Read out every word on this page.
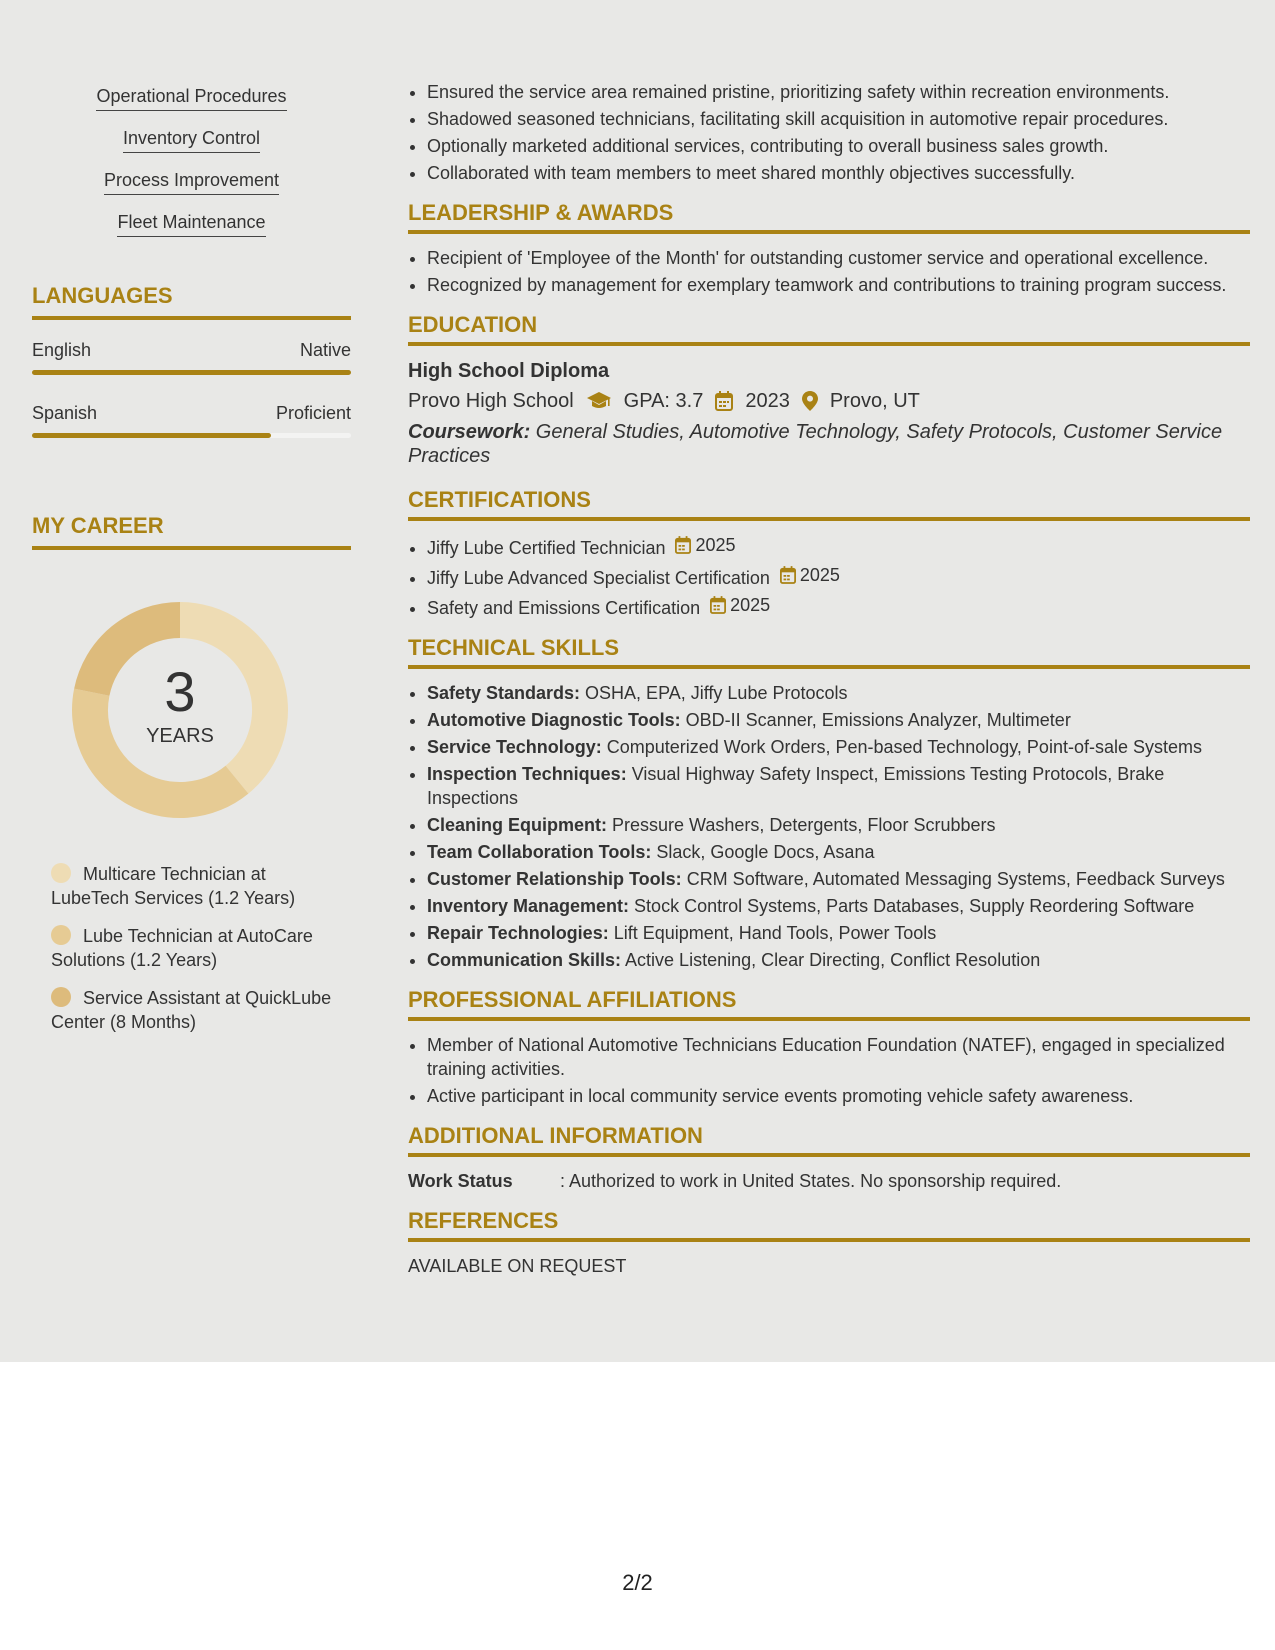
Operational Procedures
Inventory Control
Process Improvement
Fleet Maintenance
LANGUAGES
English	Native
Spanish	Proficient
MY CAREER
3
YEARS
Multicare Technician at LubeTech Services (1.2 Years)
Lube Technician at AutoCare Solutions (1.2 Years)
Service Assistant at QuickLube Center (8 Months)
• Ensured the service area remained pristine, prioritizing safety within recreation environments.
• Shadowed seasoned technicians, facilitating skill acquisition in automotive repair procedures.
• Optionally marketed additional services, contributing to overall business sales growth.
• Collaborated with team members to meet shared monthly objectives successfully.
LEADERSHIP & AWARDS
• Recipient of 'Employee of the Month' for outstanding customer service and operational excellence.
• Recognized by management for exemplary teamwork and contributions to training program success.
EDUCATION
High School Diploma
Provo High School	GPA: 3.7 2023 Provo, UT
Coursework: General Studies, Automotive Technology, Safety Protocols, Customer Service Practices
CERTIFICATIONS
• Jiffy Lube Certified Technician 2025
• Jiffy Lube Advanced Specialist Certification 2025
• Safety and Emissions Certification 2025
TECHNICAL SKILLS
• Safety Standards: OSHA, EPA, Jiffy Lube Protocols
• Automotive Diagnostic Tools: OBD-II Scanner, Emissions Analyzer, Multimeter
• Service Technology: Computerized Work Orders, Pen-based Technology, Point-of-sale Systems
• Inspection Techniques: Visual Highway Safety Inspect, Emissions Testing Protocols, Brake Inspections
• Cleaning Equipment: Pressure Washers, Detergents, Floor Scrubbers
• Team Collaboration Tools: Slack, Google Docs, Asana
• Customer Relationship Tools: CRM Software, Automated Messaging Systems, Feedback Surveys
• Inventory Management: Stock Control Systems, Parts Databases, Supply Reordering Software
• Repair Technologies: Lift Equipment, Hand Tools, Power Tools
• Communication Skills: Active Listening, Clear Directing, Conflict Resolution
PROFESSIONAL AFFILIATIONS
• Member of National Automotive Technicians Education Foundation (NATEF), engaged in specialized training activities.
• Active participant in local community service events promoting vehicle safety awareness.
ADDITIONAL INFORMATION
Work Status	: Authorized to work in United States. No sponsorship required.
REFERENCES
AVAILABLE ON REQUEST
2/2
